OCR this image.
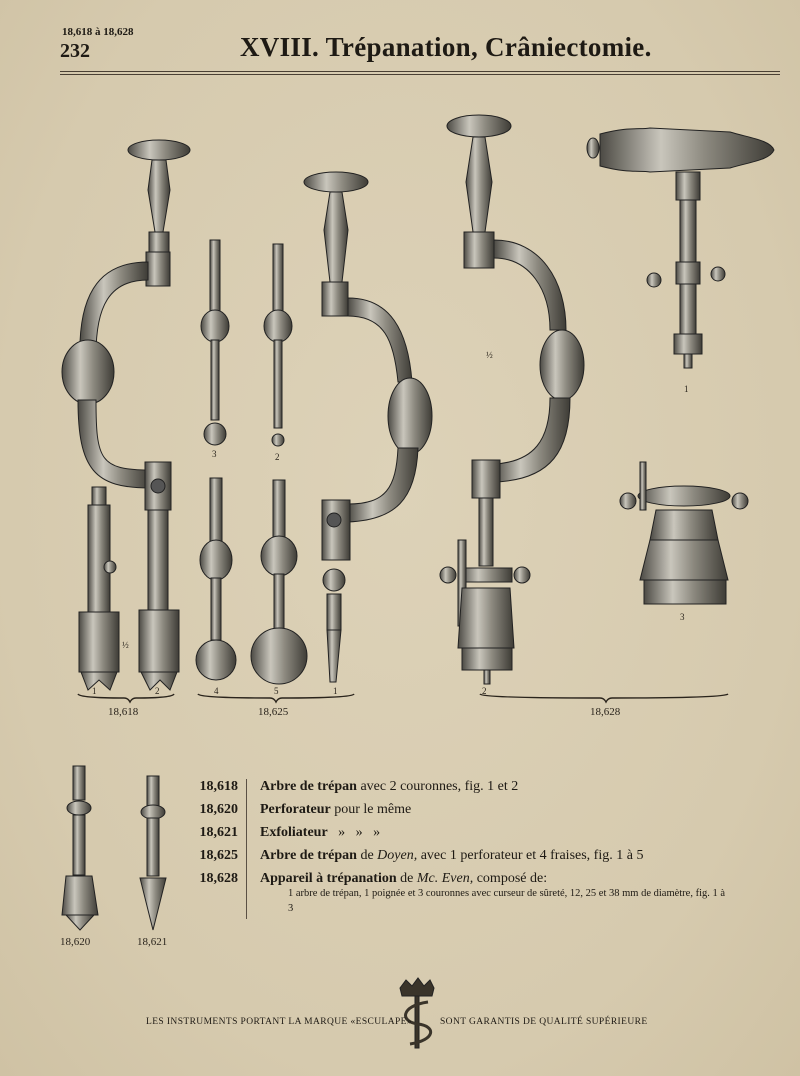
18,618 à 18,628
232	XVIII. Trépanation, Crâniectomie.
1	2
½
3	2
4	5	1
½
1
2
3
18,618	18,625	18,628
18,620	18,621
18,618 Arbre de trépan avec 2 couronnes, fig. 1 et 2
18,620 Perforateur pour le même
18,621 Exfoliateur   »   »   »
18,625 Arbre de trépan de Doyen, avec 1 perforateur et 4 fraises, fig. 1 à 5
18,628 Appareil à trépanation de Mc. Even, composé de:
1 arbre de trépan, 1 poignée et 3 couronnes avec curseur de sûreté, 12, 25 et 38 mm de diamètre, fig. 1 à 3
LES INSTRUMENTS PORTANT LA MARQUE «ESCULAPE»	SONT GARANTIS DE QUALITÉ SUPÉRIEURE
